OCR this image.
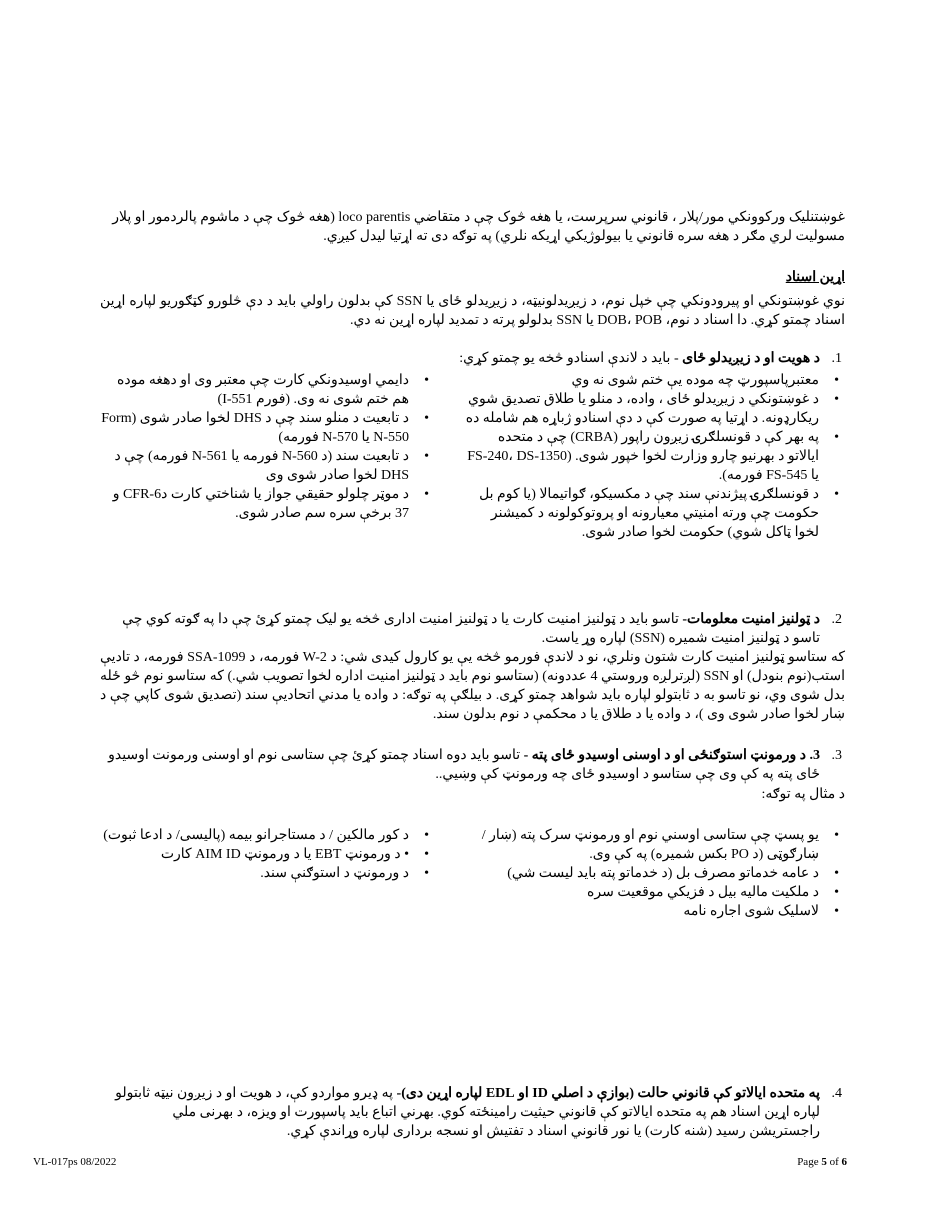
غوښتنلیک ورکوونکي مور/پلار ، قانوني سرپرست، یا هغه څوک چې د متقاضي loco parentis (هغه څوک چې د ماشوم پالردمور او پلار مسولیت لري مګر د هغه سره قانوني یا بیولوژیکي اړیکه نلري) په توګه دی ته اړتیا لیدل کیږي.
اړین اسناد
نوي غوښتونکي او پیرودونکي چې خپل نوم، د زیږیدلونیټه، د زیږیدلو ځای یا SSN کې بدلون راولي باید د دې څلورو کټګوریو لپاره اړین اسناد چمتو کړي. دا اسناد د نوم، DOB، POB یا SSN بدلولو پرته د تمدید لپاره اړین نه دي.
1.
د هویت او د زیږیدلو ځای - باید د لاندې اسنادو څخه یو چمتو کړي:
•
معتبرپاسپورټ چه موده یې ختم شوی نه وي
•
د غوښتونکي د زیږیدلو ځای ، واده، د منلو یا طلاق تصدیق شوي ریکارډونه. د اړتیا په صورت کې د دې اسنادو ژباړه هم شامله ده
•
په بهر کې د قونسلګرۍ زیږون راپور (CRBA) چې د متحده ایالاتو د بهرنیو چارو وزارت لخوا خپور شوی. (FS-240، DS-1350 یا FS-545 فورمه).
•
د قونسلګرۍ پیژندنې سند چې د مکسیکو، ګواتیمالا (یا کوم بل حکومت چې ورته امنیتي معیارونه او پروتوکولونه د کمیشنر لخوا ټاکل شوي) حکومت لخوا صادر شوی.
•
دایمي اوسیدونکي کارت چې معتبر وی او دهغه موده هم ختم شوی نه وی. (فورم I-551)
•
د تابعیت د منلو سند چې د DHS لخوا صادر شوی (Form N-550 یا N-570 فورمه)
•
د تابعیت سند (د N-560 فورمه یا N-561 فورمه) چې د DHS لخوا صادر شوی وی
•
د موټر چلولو حقیقي جواز یا شناختي کارت د6-CFR و 37 برخې سره سم صادر شوی.
2.
د ټولنیز امنیت معلومات- تاسو باید د ټولنیز امنیت کارت یا د ټولنیز امنیت اداری څخه یو لیک چمتو کړئ چې دا په ګوته کوي چې تاسو د ټولنیز امنیت شمیره (SSN) لپاره وړ یاست.
که ستاسو ټولنیز امنیت کارت شتون ونلري، نو د لاندې فورمو څخه یې یو کارول کیدی شي: د W-2 فورمه، د SSA-1099 فورمه، د تادیې استب(نوم بنودل) او SSN (لږترلږه وروستي 4 عددونه) (ستاسو نوم باید د ټولنیز امنیت اداره لخوا تصویب شي.) که ستاسو نوم څو ځله بدل شوی وي، نو تاسو به د ثابتولو لپاره باید شواهد چمتو کړی. د بیلګې په توګه: د واده یا مدني اتحادیې سند (تصدیق شوی کاپي چې د ښار لخوا صادر شوی وی )، د واده یا د طلاق یا د محکمې د نوم بدلون سند.
3.
3. د ورمونټ استوګنځی او د اوسنی اوسیدو ځای پته - تاسو باید دوه اسناد چمتو کړئ چې ستاسی نوم او اوسنی ورمونت اوسیدو ځای پته په کې وی چې ستاسو د اوسیدو ځای چه ورمونټ کې وښيي..
د مثال په توګه:
•
یو پسټ چې ستاسی اوسني نوم او ورمونټ سرک پته (ښار / ښارګوټی (د PO بکس شمیره) په کې وی.
•
د عامه خدماتو مصرف بل (د خدماتو پته باید لیست شي)
•
د ملکیت مالیه بیل د فزیکي موقعیت سره
•
لاسلیک شوی اجاره نامه
•
د کور مالکین / د مستاجرانو بیمه (پالیسی/ د ادعا ثبوت)
•
• د ورمونټ EBT یا د ورمونټ AIM ID کارت
•
د ورمونټ د استوګنې سند.
4.
په متحده ایالاتو کې قانوني حالت (بوازې د اصلي ID او EDL لپاره اړین دی)- په ډیرو مواردو کې، د هویت او د زیږون نیټه ثابتولو لپاره اړین اسناد هم په متحده ایالاتو کې قانوني حیثیت رامینځته کوي. بهرني اتباع باید پاسپورت او ویزه، د بهرنی ملي راجستریشن رسید (شنه کارت) یا نور قانوني اسناد د تفتیش او نسجه برداری لپاره وړاندې کړي.
VL-017ps 08/2022	Page 5 of 6
